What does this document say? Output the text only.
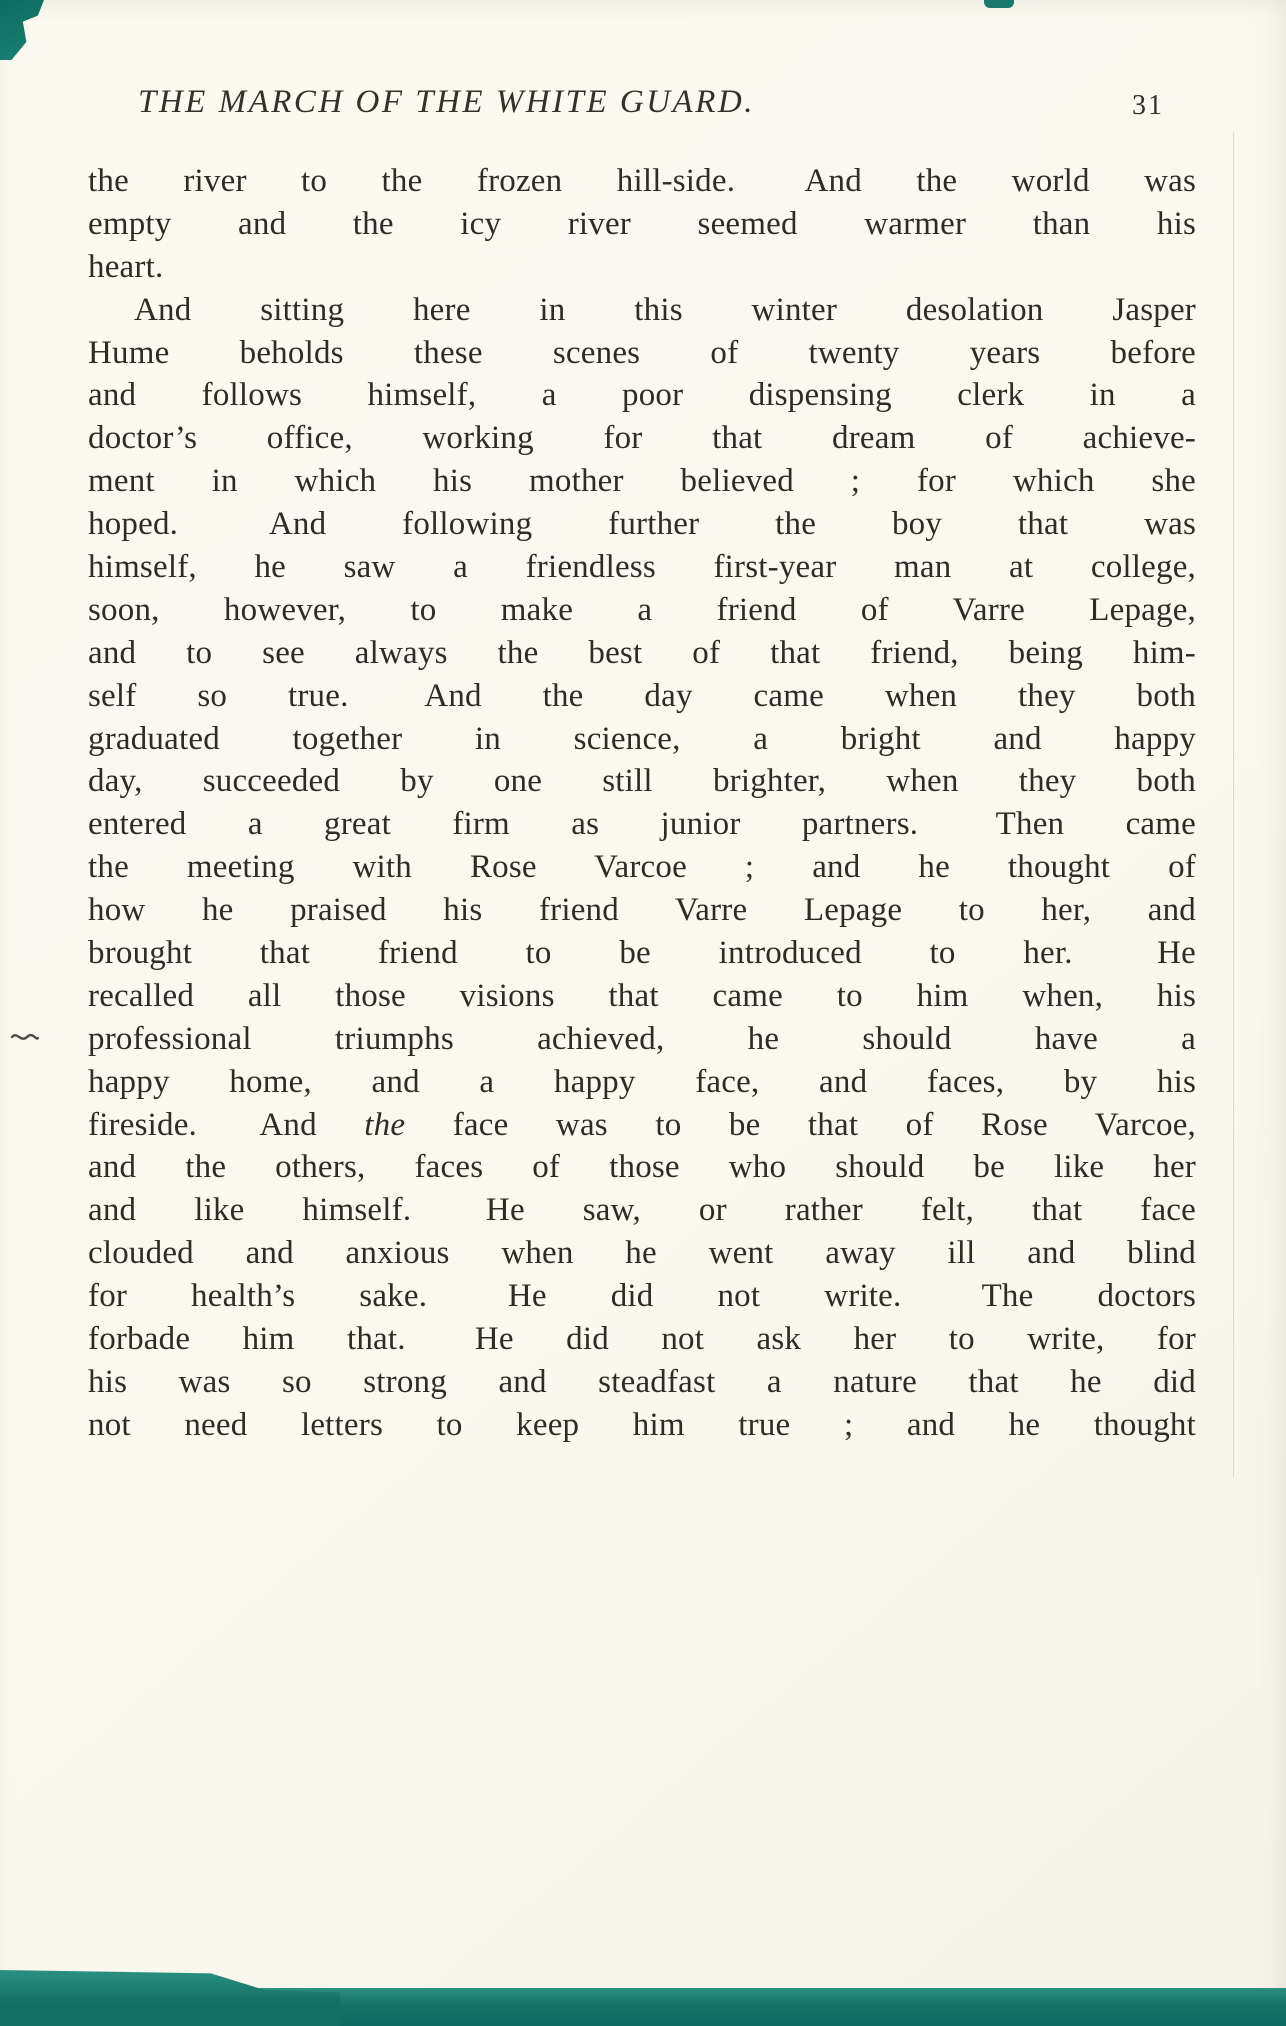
THE MARCH OF THE WHITE GUARD.	31
the river to the frozen hill-side.  And the world was
empty and the icy river seemed warmer than his
heart.
And sitting here in this winter desolation Jasper
Hume beholds these scenes of twenty years before
and follows himself, a poor dispensing clerk in a
doctor’s office, working for that dream of achieve-
ment in which his mother believed ; for which she
hoped.  And following further the boy that was
himself, he saw a friendless first-year man at college,
soon, however, to make a friend of Varre Lepage,
and to see always the best of that friend, being him-
self so true.  And the day came when they both
graduated together in science, a bright and happy
day, succeeded by one still brighter, when they both
entered a great firm as junior partners.  Then came
the meeting with Rose Varcoe ; and he thought of
how he praised his friend Varre Lepage to her, and
brought that friend to be introduced to her.  He
recalled all those visions that came to him when, his
professional triumphs achieved, he should have a
happy home, and a happy face, and faces, by his
fireside.  And the face was to be that of Rose Varcoe,
and the others, faces of those who should be like her
and like himself.  He saw, or rather felt, that face
clouded and anxious when he went away ill and blind
for health’s sake.  He did not write.  The doctors
forbade him that.  He did not ask her to write, for
his was so strong and steadfast a nature that he did
not need letters to keep him true ; and he thought
